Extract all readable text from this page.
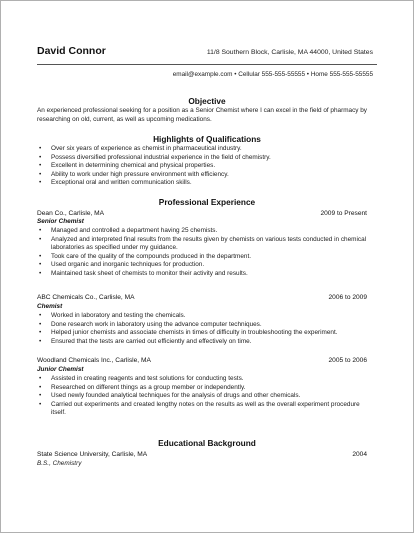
David Connor	11/8 Southern Block, Carlisle, MA 44000, United States
email@example.com • Cellular 555-555-55555 • Home 555-555-55555
Objective
An experienced professional seeking for a position as a Senior Chemist where I can excel in the field of pharmacy by researching on old, current, as well as upcoming medications.
Highlights of Qualifications
• Over six years of experience as chemist in pharmaceutical industry.
• Possess diversified professional industrial experience in the field of chemistry.
• Excellent in determining chemical and physical properties.
• Ability to work under high pressure environment with efficiency.
• Exceptional oral and written communication skills.
Professional Experience
Dean Co., Carlisle, MA	2009 to Present
Senior Chemist
• Managed and controlled a department having 25 chemists.
• Analyzed and interpreted final results from the results given by chemists on various tests conducted in chemical laboratories as specified under my guidance.
• Took care of the quality of the compounds produced in the department.
• Used organic and inorganic techniques for production.
• Maintained task sheet of chemists to monitor their activity and results.
ABC Chemicals Co., Carlisle, MA	2006 to 2009
Chemist
• Worked in laboratory and testing the chemicals.
• Done research work in laboratory using the advance computer techniques.
• Helped junior chemists and associate chemists in times of difficulty in troubleshooting the experiment.
• Ensured that the tests are carried out efficiently and effectively on time.
Woodland Chemicals Inc., Carlisle, MA	2005 to 2006
Junior Chemist
• Assisted in creating reagents and test solutions for conducting tests.
• Researched on different things as a group member or independently.
• Used newly founded analytical techniques for the analysis of drugs and other chemicals.
• Carried out experiments and created lengthy notes on the results as well as the overall experiment procedure itself.
Educational Background
State Science University, Carlisle, MA	2004
B.S., Chemistry
